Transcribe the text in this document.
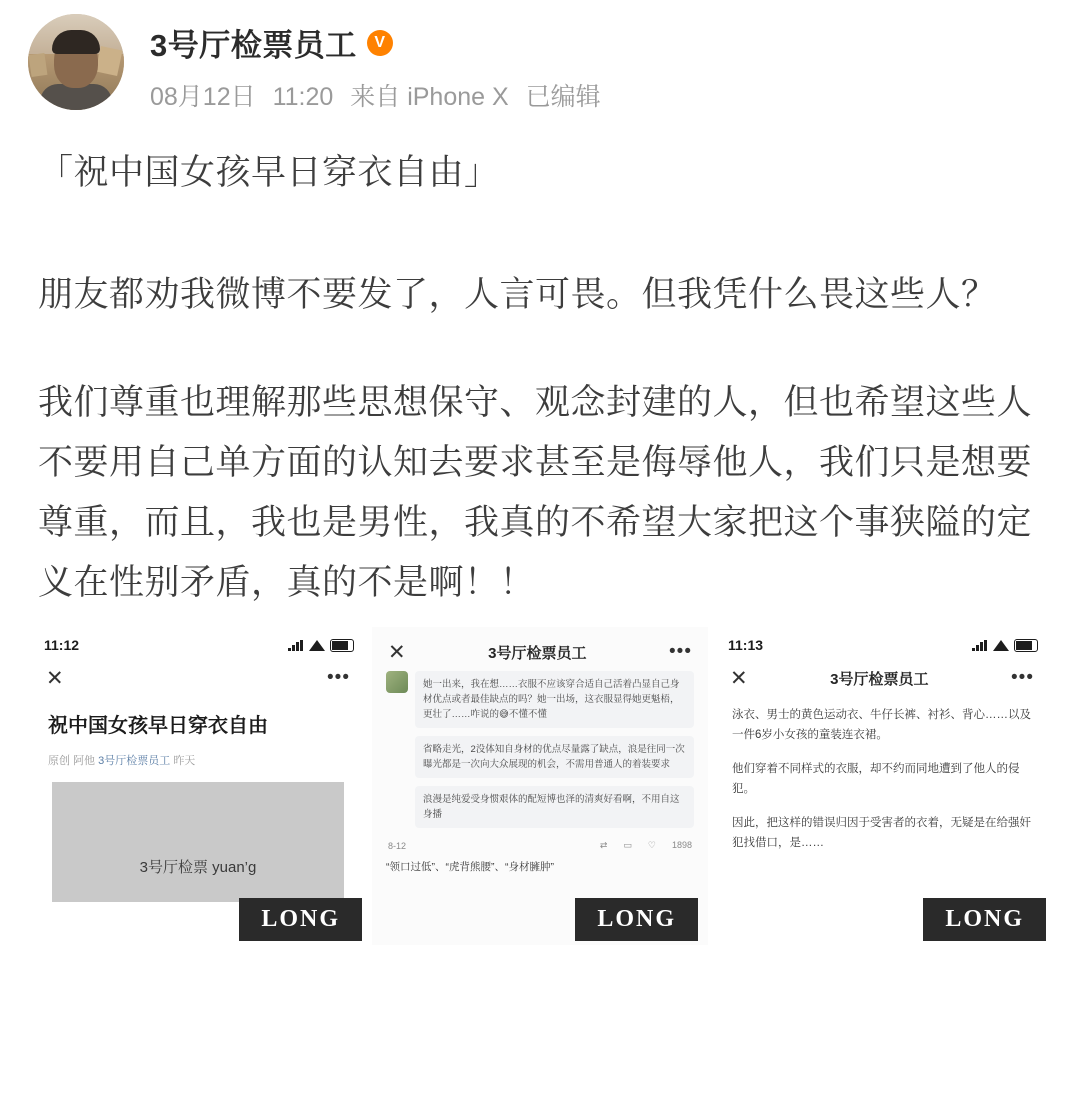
3号厅检票员工	V
08月12日 11:20 来自 iPhone X 已编辑

「祝中国女孩早日穿衣自由」

朋友都劝我微博不要发了，人言可畏。但我凭什么畏这些人？

我们尊重也理解那些思想保守、观念封建的人，但也希望这些人不要用自己单方面的认知去要求甚至是侮辱他人，我们只是想要尊重，而且，我也是男性，我真的不希望大家把这个事狭隘的定义在性别矛盾，真的不是啊！！

11:12
✕	•••
祝中国女孩早日穿衣自由
原创 阿他 3号厅检票员工 昨天
3号厅检票 yuan’g
LONG
✕	3号厅检票员工	•••
她一出来，我在想……衣服不应该穿合适自己活着凸显自己身材优点或者最佳缺点的吗？她一出场，这衣服显得她更魁梧，更壮了……咋说的😅不懂不懂
省略走光，2没体知自身材的优点尽量露了缺点，浪是往同一次曝光都是一次向大众展现的机会，不需用普通人的着装要求
浪漫是纯爱受身惯艰体的配短博也泽的清爽好看啊，不用自这身播
8-12	⇄ ▭ ♡ 1898
“领口过低”、“虎背熊腰”、“身材臃肿”
LONG
11:13
✕	3号厅检票员工	•••

泳衣、男士的黄色运动衣、牛仔长裤、衬衫、背心……以及一件6岁小女孩的童装连衣裙。

他们穿着不同样式的衣服，却不约而同地遭到了他人的侵犯。

因此，把这样的错误归因于受害者的衣着，无疑是在给强奸犯找借口，是……

LONG
